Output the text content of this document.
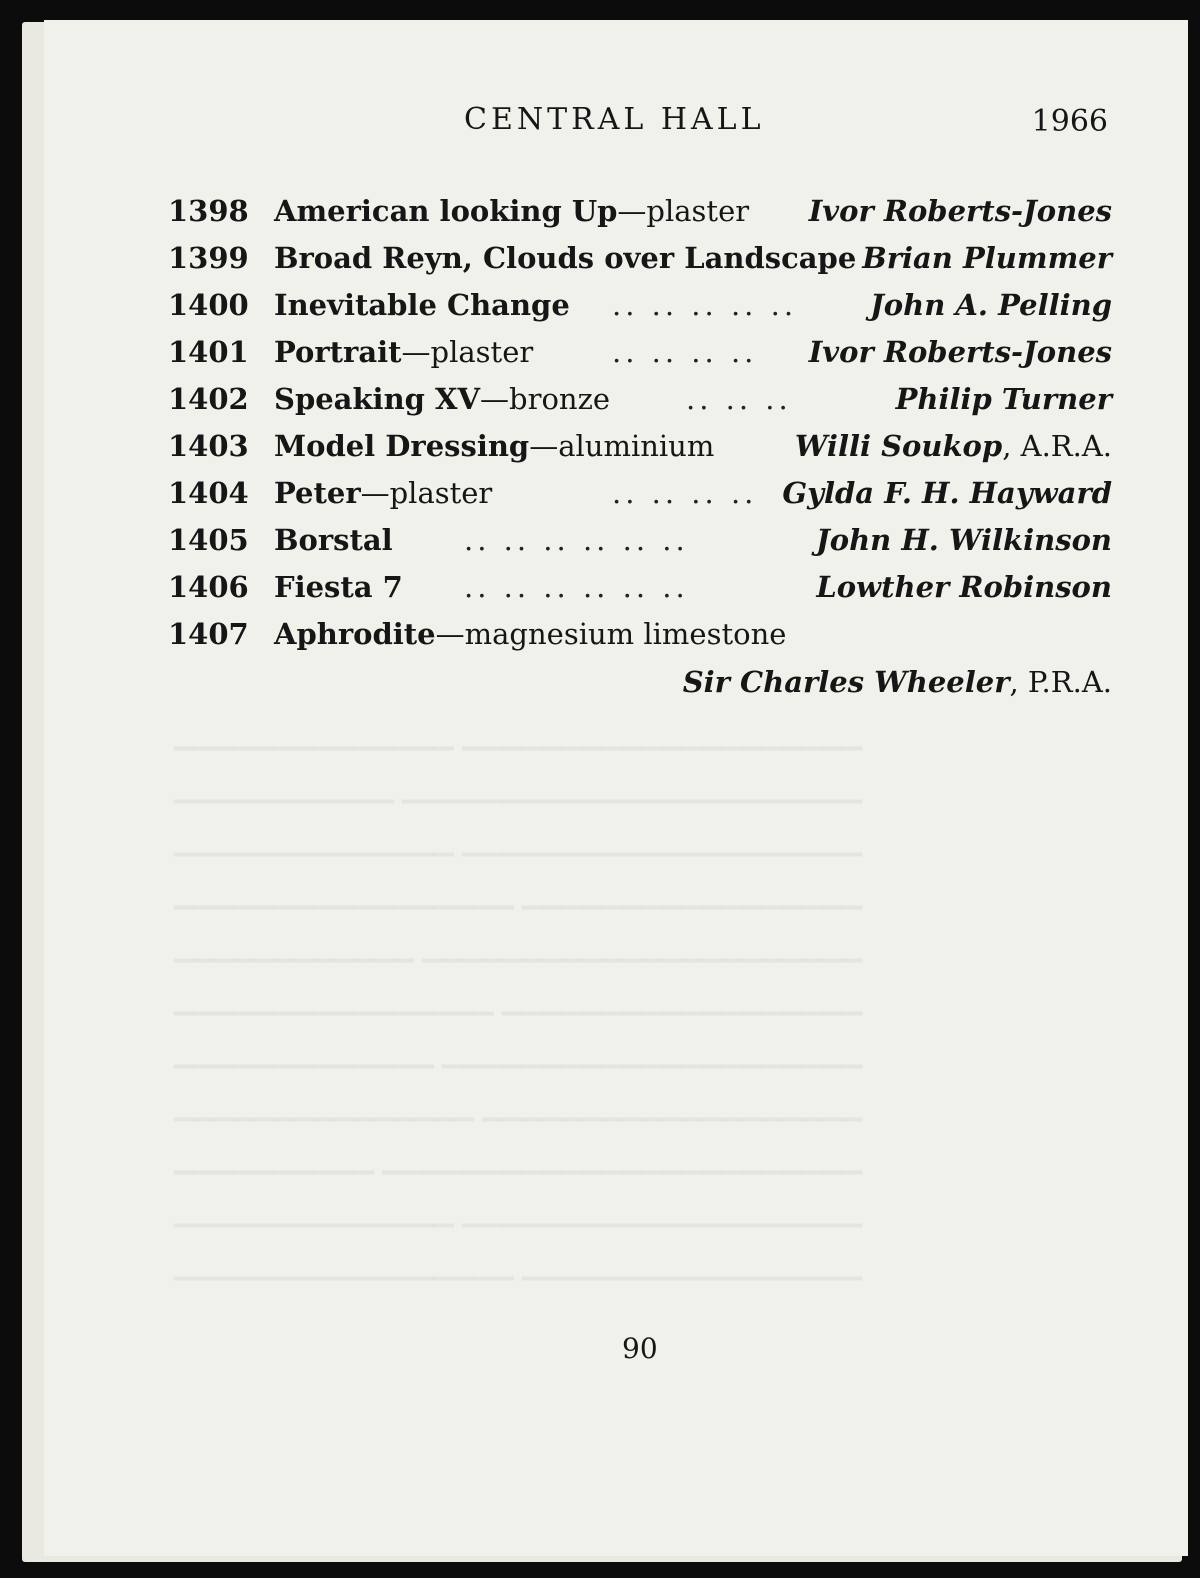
▁▁▁▁▁▁▁▁▁▁▁▁▁▁ ▁▁▁▁▁▁▁▁▁▁▁▁▁▁▁▁▁▁▁▁
▁▁▁▁▁▁▁▁▁▁▁ ▁▁▁▁▁▁▁▁▁▁▁▁▁▁▁▁▁▁▁▁▁▁▁
▁▁▁▁▁▁▁▁▁▁▁▁▁▁ ▁▁▁▁▁▁▁▁▁▁▁▁▁▁▁▁▁▁▁▁
▁▁▁▁▁▁▁▁▁▁▁▁▁▁▁▁▁ ▁▁▁▁▁▁▁▁▁▁▁▁▁▁▁▁▁
▁▁▁▁▁▁▁▁▁▁▁▁ ▁▁▁▁▁▁▁▁▁▁▁▁▁▁▁▁▁▁▁▁▁▁
▁▁▁▁▁▁▁▁▁▁▁▁▁▁▁▁ ▁▁▁▁▁▁▁▁▁▁▁▁▁▁▁▁▁▁
▁▁▁▁▁▁▁▁▁▁▁▁▁ ▁▁▁▁▁▁▁▁▁▁▁▁▁▁▁▁▁▁▁▁▁
▁▁▁▁▁▁▁▁▁▁▁▁▁▁▁ ▁▁▁▁▁▁▁▁▁▁▁▁▁▁▁▁▁▁▁
▁▁▁▁▁▁▁▁▁▁ ▁▁▁▁▁▁▁▁▁▁▁▁▁▁▁▁▁▁▁▁▁▁▁▁
▁▁▁▁▁▁▁▁▁▁▁▁▁▁ ▁▁▁▁▁▁▁▁▁▁▁▁▁▁▁▁▁▁▁▁
▁▁▁▁▁▁▁▁▁▁▁▁▁▁▁▁▁ ▁▁▁▁▁▁▁▁▁▁▁▁▁▁▁▁▁
CENTRAL HALL	1966
1398 American looking Up—plaster Ivor Roberts-Jones
1399 Broad Reyn, Clouds over Landscape Brian Plummer
1400 Inevitable Change .. .. .. .. ..	John A. Pelling
1401 Portrait—plaster	.. .. .. .. Ivor Roberts-Jones
1402 Speaking XV—bronze	.. .. ..	Philip Turner
1403 Model Dressing—aluminium	Willi Soukop, A.R.A.
1404 Peter—plaster	.. .. .. .. Gylda F. H. Hayward
1405 Borstal .. .. .. .. .. ..	John H. Wilkinson
1406 Fiesta 7 .. .. .. .. .. ..	Lowther Robinson
1407 Aphrodite—magnesium limestone
Sir Charles Wheeler, P.R.A.
90
